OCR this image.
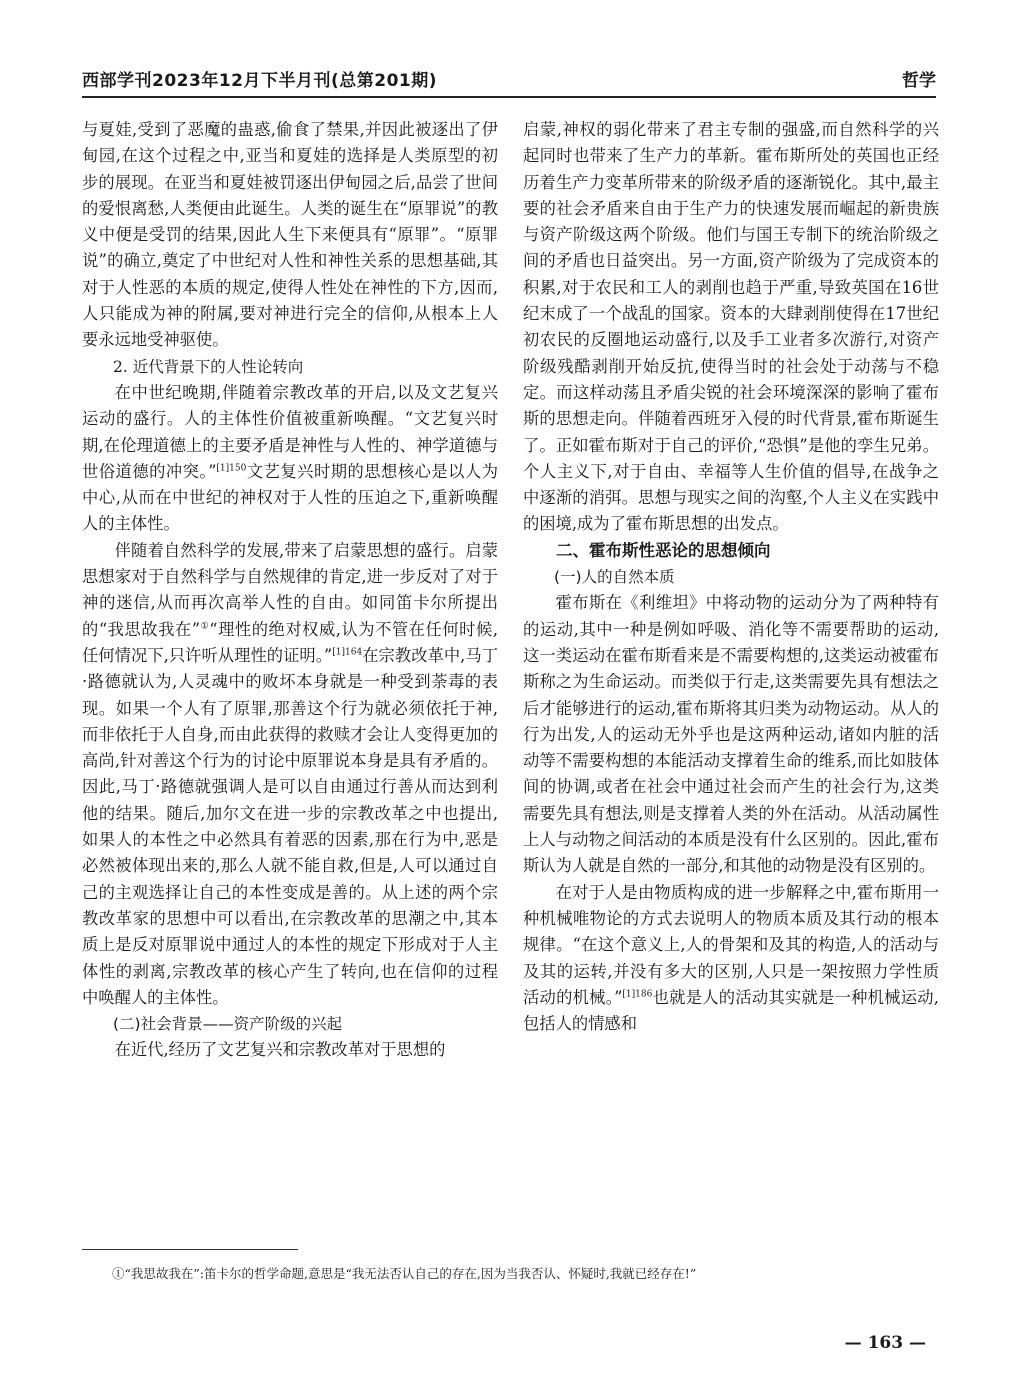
西部学刊2023年12月下半月刊(总第201期)	哲学

与夏娃,受到了恶魔的蛊惑,偷食了禁果,并因此被逐出了伊甸园,在这个过程之中,亚当和夏娃的选择是人类原型的初步的展现。在亚当和夏娃被罚逐出伊甸园之后,品尝了世间的爱恨离愁,人类便由此诞生。人类的诞生在“原罪说”的教义中便是受罚的结果,因此人生下来便具有“原罪”。“原罪说”的确立,奠定了中世纪对人性和神性关系的思想基础,其对于人性恶的本质的规定,使得人性处在神性的下方,因而,人只能成为神的附属,要对神进行完全的信仰,从根本上人要永远地受神驱使。

2. 近代背景下的人性论转向

在中世纪晚期,伴随着宗教改革的开启,以及文艺复兴运动的盛行。人的主体性价值被重新唤醒。“文艺复兴时期,在伦理道德上的主要矛盾是神性与人性的、神学道德与世俗道德的冲突。”$^{[1]150}$文艺复兴时期的思想核心是以人为中心,从而在中世纪的神权对于人性的压迫之下,重新唤醒人的主体性。

伴随着自然科学的发展,带来了启蒙思想的盛行。启蒙思想家对于自然科学与自然规律的肯定,进一步反对了对于神的迷信,从而再次高举人性的自由。如同笛卡尔所提出的“我思故我在”①“理性的绝对权威,认为不管在任何时候,任何情况下,只许听从理性的证明。”$^{[1]164}$在宗教改革中,马丁·路德就认为,人灵魂中的败坏本身就是一种受到荼毒的表现。如果一个人有了原罪,那善这个行为就必须依托于神,而非依托于人自身,而由此获得的救赎才会让人变得更加的高尚,针对善这个行为的讨论中原罪说本身是具有矛盾的。因此,马丁·路德就强调人是可以自由通过行善从而达到利他的结果。随后,加尔文在进一步的宗教改革之中也提出,如果人的本性之中必然具有着恶的因素,那在行为中,恶是必然被体现出来的,那么人就不能自救,但是,人可以通过自己的主观选择让自己的本性变成是善的。从上述的两个宗教改革家的思想中可以看出,在宗教改革的思潮之中,其本质上是反对原罪说中通过人的本性的规定下形成对于人主体性的剥离,宗教改革的核心产生了转向,也在信仰的过程中唤醒人的主体性。

(二)社会背景——资产阶级的兴起

在近代,经历了文艺复兴和宗教改革对于思想的

启蒙,神权的弱化带来了君主专制的强盛,而自然科学的兴起同时也带来了生产力的革新。霍布斯所处的英国也正经历着生产力变革所带来的阶级矛盾的逐渐锐化。其中,最主要的社会矛盾来自由于生产力的快速发展而崛起的新贵族与资产阶级这两个阶级。他们与国王专制下的统治阶级之间的矛盾也日益突出。另一方面,资产阶级为了完成资本的积累,对于农民和工人的剥削也趋于严重,导致英国在16世纪末成了一个战乱的国家。资本的大肆剥削使得在17世纪初农民的反圈地运动盛行,以及手工业者多次游行,对资产阶级残酷剥削开始反抗,使得当时的社会处于动荡与不稳定。而这样动荡且矛盾尖锐的社会环境深深的影响了霍布斯的思想走向。伴随着西班牙入侵的时代背景,霍布斯诞生了。正如霍布斯对于自己的评价,“恐惧”是他的孪生兄弟。个人主义下,对于自由、幸福等人生价值的倡导,在战争之中逐渐的消弭。思想与现实之间的沟壑,个人主义在实践中的困境,成为了霍布斯思想的出发点。

二、霍布斯性恶论的思想倾向
(一)人的自然本质

霍布斯在《利维坦》中将动物的运动分为了两种特有的运动,其中一种是例如呼吸、消化等不需要帮助的运动,这一类运动在霍布斯看来是不需要构想的,这类运动被霍布斯称之为生命运动。而类似于行走,这类需要先具有想法之后才能够进行的运动,霍布斯将其归类为动物运动。从人的行为出发,人的运动无外乎也是这两种运动,诸如内脏的活动等不需要构想的本能活动支撑着生命的维系,而比如肢体间的协调,或者在社会中通过社会而产生的社会行为,这类需要先具有想法,则是支撑着人类的外在活动。从活动属性上人与动物之间活动的本质是没有什么区别的。因此,霍布斯认为人就是自然的一部分,和其他的动物是没有区别的。

在对于人是由物质构成的进一步解释之中,霍布斯用一种机械唯物论的方式去说明人的物质本质及其行动的根本规律。“在这个意义上,人的骨架和及其的构造,人的活动与及其的运转,并没有多大的区别,人只是一架按照力学性质活动的机械。”$^{[1]186}$也就是人的活动其实就是一种机械运动,包括人的情感和

①“我思故我在”:笛卡尔的哲学命题,意思是“我无法否认自己的存在,因为当我否认、怀疑时,我就已经存在!”
— 163 —
